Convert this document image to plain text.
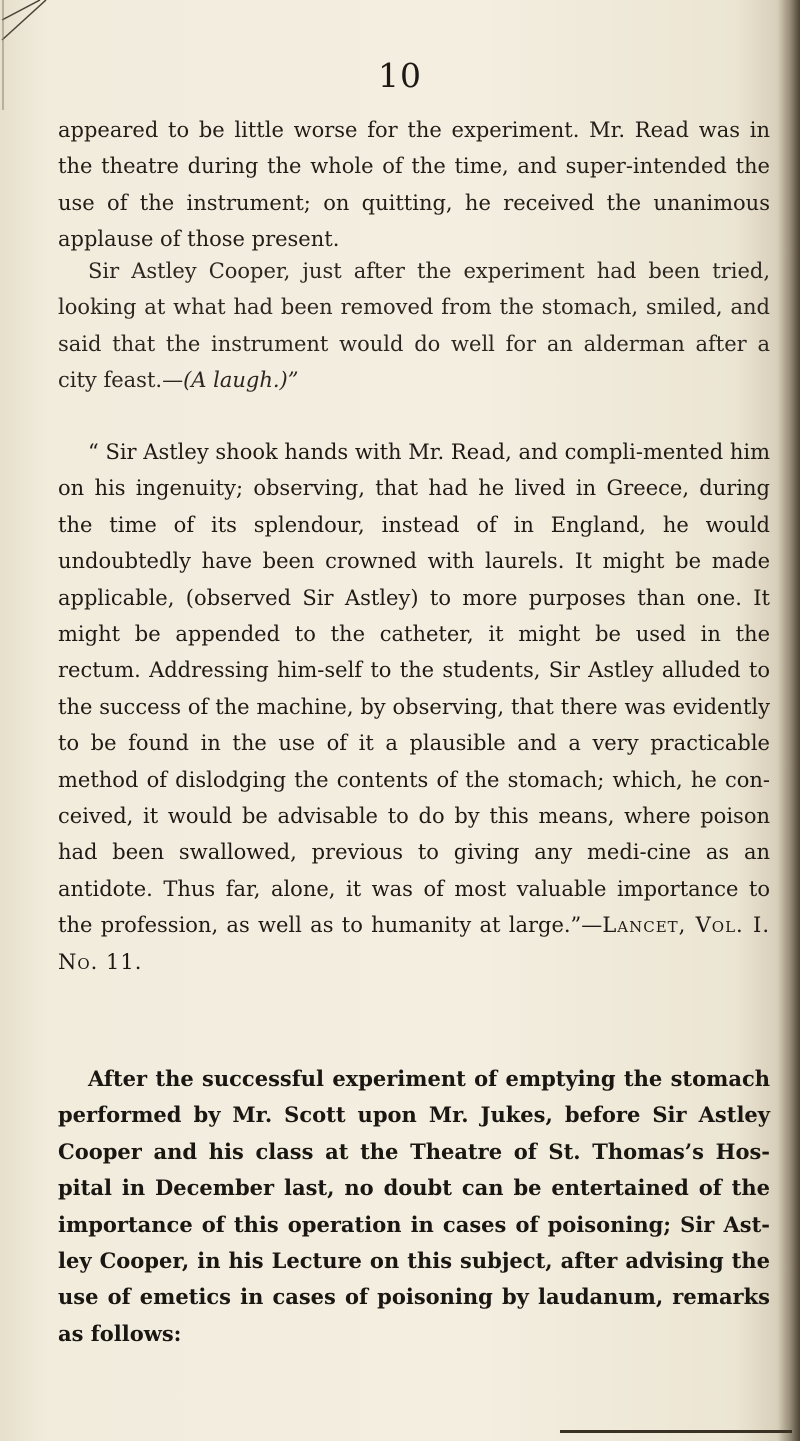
10

appeared to be little worse for the experiment. Mr. Read was in the theatre during the whole of the time, and super-intended the use of the instrument; on quitting, he received the unanimous applause of those present.

Sir Astley Cooper, just after the experiment had been tried, looking at what had been removed from the stomach, smiled, and said that the instrument would do well for an alderman after a city feast.—(A laugh.)”

“ Sir Astley shook hands with Mr. Read, and compli-mented him on his ingenuity; observing, that had he lived in Greece, during the time of its splendour, instead of in England, he would undoubtedly have been crowned with laurels. It might be made applicable, (observed Sir Astley) to more purposes than one. It might be appended to the catheter, it might be used in the rectum. Addressing him-self to the students, Sir Astley alluded to the success of the machine, by observing, that there was evidently to be found in the use of it a plausible and a very practicable method of dislodging the contents of the stomach; which, he con-ceived, it would be advisable to do by this means, where poison had been swallowed, previous to giving any medi-cine as an antidote. Thus far, alone, it was of most valuable importance to the profession, as well as to humanity at large.”—Lancet, Vol. I. No. 11.

After the successful experiment of emptying the stomach performed by Mr. Scott upon Mr. Jukes, before Sir Astley Cooper and his class at the Theatre of St. Thomas’s Hos-pital in December last, no doubt can be entertained of the importance of this operation in cases of poisoning; Sir Ast-ley Cooper, in his Lecture on this subject, after advising the use of emetics in cases of poisoning by laudanum, remarks as follows:
